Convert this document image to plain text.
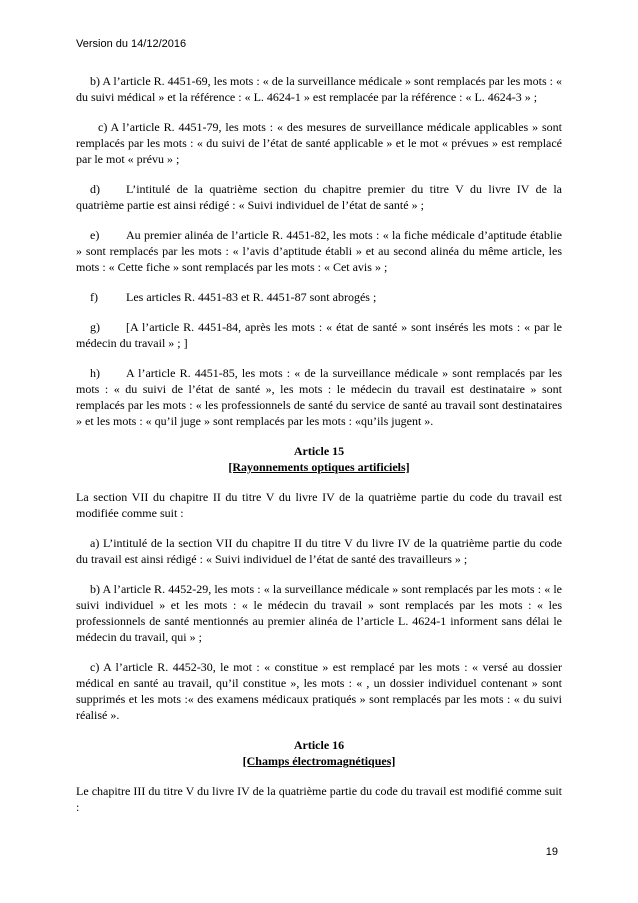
Version du 14/12/2016

b) A l’article R. 4451-69, les mots : « de la surveillance médicale » sont remplacés par les mots : « du suivi médical » et la référence : « L. 4624-1 » est remplacée par la référence : « L. 4624-3 » ;

c) A l’article R. 4451-79, les mots : « des mesures de surveillance médicale applicables » sont remplacés par les mots : « du suivi de l’état de santé applicable » et le mot « prévues » est remplacé par le mot « prévu » ;

d) L’intitulé de la quatrième section du chapitre premier du titre V du livre IV de la quatrième partie est ainsi rédigé : « Suivi individuel de l’état de santé » ;

e) Au premier alinéa de l’article R. 4451-82, les mots : « la fiche médicale d’aptitude établie » sont remplacés par les mots : « l’avis d’aptitude établi » et au second alinéa du même article, les mots : « Cette fiche » sont remplacés par les mots : « Cet avis » ;

f) Les articles R. 4451-83 et R. 4451-87 sont abrogés ;

g) [A l’article R. 4451-84, après les mots : « état de santé » sont insérés les mots : « par le médecin du travail » ; ]

h) A l’article R. 4451-85, les mots : « de la surveillance médicale » sont remplacés par les mots : « du suivi de l’état de santé », les mots : le médecin du travail est destinataire » sont remplacés par les mots : « les professionnels de santé du service de santé au travail sont destinataires » et les mots : « qu’il juge » sont remplacés par les mots : «qu’ils jugent ».

Article 15
[Rayonnements optiques artificiels]

La section VII du chapitre II du titre V du livre IV de la quatrième partie du code du travail est modifiée comme suit :

a) L’intitulé de la section VII du chapitre II du titre V du livre IV de la quatrième partie du code du travail est ainsi rédigé : « Suivi individuel de l’état de santé des travailleurs » ;

b) A l’article R. 4452-29, les mots : « la surveillance médicale » sont remplacés par les mots : « le suivi individuel » et les mots : « le médecin du travail » sont remplacés par les mots : « les professionnels de santé mentionnés au premier alinéa de l’article L. 4624-1 informent sans délai le médecin du travail, qui » ;

c) A l’article R. 4452-30, le mot : « constitue » est remplacé par les mots : « versé au dossier médical en santé au travail, qu’il constitue », les mots : « , un dossier individuel contenant » sont supprimés et les mots :« des examens médicaux pratiqués » sont remplacés par les mots : « du suivi réalisé ».

Article 16
[Champs électromagnétiques]

Le chapitre III du titre V du livre IV de la quatrième partie du code du travail est modifié comme suit :

19
